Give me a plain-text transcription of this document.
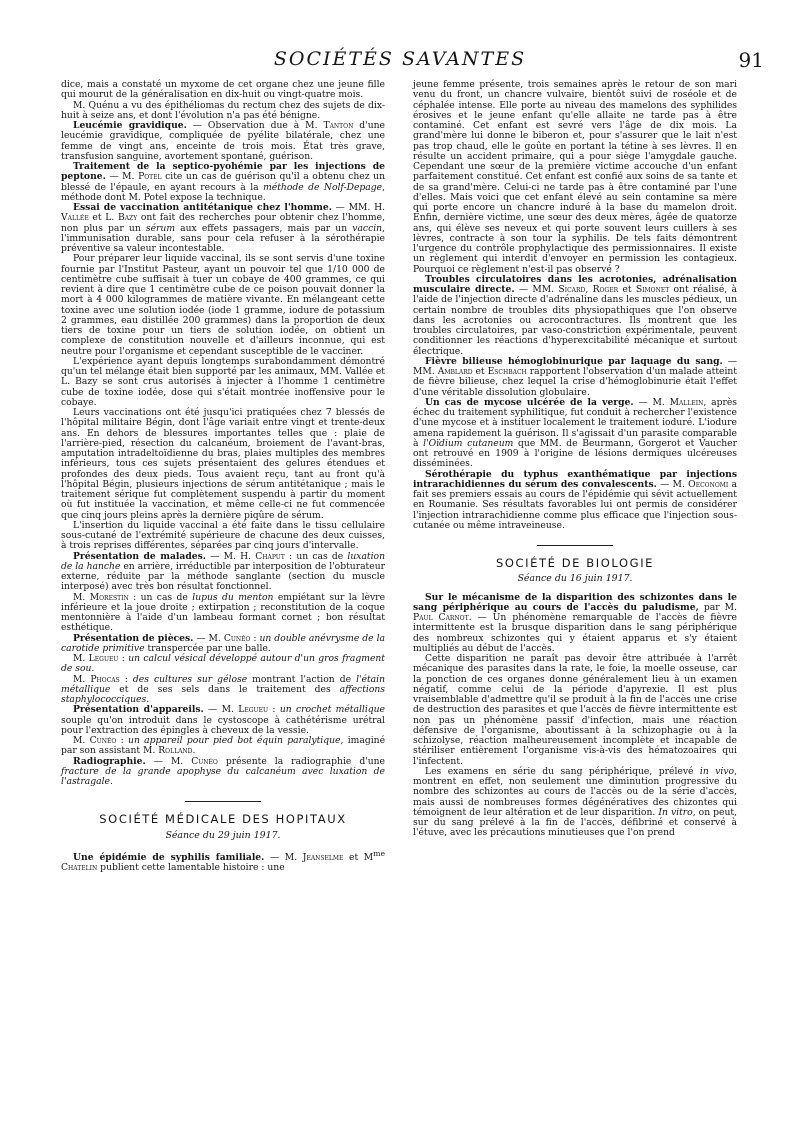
SOCIÉTÉS SAVANTES	91

dice, mais a constaté un myxome de cet organe chez une jeune fille qui mourut de la généralisation en dix-huit ou vingt-quatre mois.

M. Quénu a vu des épithéliomas du rectum chez des sujets de dix-huit à seize ans, et dont l'évolution n'a pas été bénigne.

Leucémie gravidique. — Observation due à M. Tanton d'une leucémie gravidique, compliquée de pyélite bilatérale, chez une femme de vingt ans, enceinte de trois mois. État très grave, transfusion sanguine, avortement spontané, guérison.

Traitement de la septico-pyohémie par les injections de peptone. — M. Potel cite un cas de guérison qu'il a obtenu chez un blessé de l'épaule, en ayant recours à la méthode de Nolf-Depage, méthode dont M. Potel expose la technique.

Essai de vaccination antitétanique chez l'homme. — MM. H. Vallée et L. Bazy ont fait des recherches pour obtenir chez l'homme, non plus par un sérum aux effets passagers, mais par un vaccin, l'immunisation durable, sans pour cela refuser à la sérothérapie préventive sa valeur incontestable.

Pour préparer leur liquide vaccinal, ils se sont servis d'une toxine fournie par l'Institut Pasteur, ayant un pouvoir tel que 1/10 000 de centimètre cube suffisait à tuer un cobaye de 400 grammes, ce qui revient à dire que 1 centimètre cube de ce poison pouvait donner la mort à 4 000 kilogrammes de matière vivante. En mélangeant cette toxine avec une solution iodée (iode 1 gramme, iodure de potassium 2 grammes, eau distillée 200 grammes) dans la proportion de deux tiers de toxine pour un tiers de solution iodée, on obtient un complexe de constitution nouvelle et d'ailleurs inconnue, qui est neutre pour l'organisme et cependant susceptible de le vacciner.

L'expérience ayant depuis longtemps surabondamment démontré qu'un tel mélange était bien supporté par les animaux, MM. Vallée et L. Bazy se sont crus autorisés à injecter à l'homme 1 centimètre cube de toxine iodée, dose qui s'était montrée inoffensive pour le cobaye.

Leurs vaccinations ont été jusqu'ici pratiquées chez 7 blessés de l'hôpital militaire Bégin, dont l'âge variait entre vingt et trente-deux ans. En dehors de blessures importantes telles que : plaie de l'arrière-pied, résection du calcanéum, broiement de l'avant-bras, amputation intradeltoïdienne du bras, plaies multiples des membres inférieurs, tous ces sujets présentaient des gelures étendues et profondes des deux pieds. Tous avaient reçu, tant au front qu'à l'hôpital Bégin, plusieurs injections de sérum antitétanique ; mais le traitement sérique fut complètement suspendu à partir du moment où fut instituée la vaccination, et même celle-ci ne fut commencée que cinq jours pleins après la dernière piqûre de sérum.

L'insertion du liquide vaccinal a été faite dans le tissu cellulaire sous-cutané de l'extrémité supérieure de chacune des deux cuisses, à trois reprises différentes, séparées par cinq jours d'intervalle.

Présentation de malades. — M. H. Chaput : un cas de luxation de la hanche en arrière, irréductible par interposition de l'obturateur externe, réduite par la méthode sanglante (section du muscle interposé) avec très bon résultat fonctionnel.

M. Morestin : un cas de lupus du menton empiétant sur la lèvre inférieure et la joue droite ; extirpation ; reconstitution de la coque mentonnière à l'aide d'un lambeau formant cornet ; bon résultat esthétique.

Présentation de pièces. — M. Cunéo : un double anévrysme de la carotide primitive transpercée par une balle.

M. Legueu : un calcul vésical développé autour d'un gros fragment de sou.

M. Phocas : des cultures sur gélose montrant l'action de l'étain métallique et de ses sels dans le traitement des affections staphylococciques.

Présentation d'appareils. — M. Legueu : un crochet métallique souple qu'on introduit dans le cystoscope à cathétérisme urétral pour l'extraction des épingles à cheveux de la vessie.

M. Cunéo : un appareil pour pied bot équin paralytique, imaginé par son assistant M. Rolland.

Radiographie. — M. Cunéo présente la radiographie d'une fracture de la grande apophyse du calcanéum avec luxation de l'astragale.

SOCIÉTÉ MÉDICALE DES HOPITAUX
Séance du 29 juin 1917.

Une épidémie de syphilis familiale. — M. Jeanselme et $M^{me}$ Chatelin publient cette lamentable histoire : une

jeune femme présente, trois semaines après le retour de son mari venu du front, un chancre vulvaire, bientôt suivi de roséole et de céphalée intense. Elle porte au niveau des mamelons des syphilides érosives et le jeune enfant qu'elle allaite ne tarde pas à être contaminé. Cet enfant est sevré vers l'âge de dix mois. La grand'mère lui donne le biberon et, pour s'assurer que le lait n'est pas trop chaud, elle le goûte en portant la tétine à ses lèvres. Il en résulte un accident primaire, qui a pour siège l'amygdale gauche. Cependant une sœur de la première victime accouche d'un enfant parfaitement constitué. Cet enfant est confié aux soins de sa tante et de sa grand'mère. Celui-ci ne tarde pas à être contaminé par l'une d'elles. Mais voici que cet enfant élevé au sein contamine sa mère qui porte encore un chancre induré à la base du mamelon droit. Enfin, dernière victime, une sœur des deux mères, âgée de quatorze ans, qui élève ses neveux et qui porte souvent leurs cuillers à ses lèvres, contracte à son tour la syphilis. De tels faits démontrent l'urgence du contrôle prophylactique des permissionnaires. Il existe un règlement qui interdit d'envoyer en permission les contagieux. Pourquoi ce règlement n'est-il pas observé ?

Troubles circulatoires dans les acrotonies, adrénalisation musculaire directe. — MM. Sicard, Roger et Simonet ont réalisé, à l'aide de l'injection directe d'adrénaline dans les muscles pédieux, un certain nombre de troubles dits physiopathiques que l'on observe dans les acrotonies ou acrocontractures. Ils montrent que les troubles circulatoires, par vaso-constriction expérimentale, peuvent conditionner les réactions d'hyperexcitabilité mécanique et surtout électrique.

Fièvre bilieuse hémoglobinurique par laquage du sang. — MM. Amblard et Eschbach rapportent l'observation d'un malade atteint de fièvre bilieuse, chez lequel la crise d'hémoglobinurie était l'effet d'une véritable dissolution globulaire.

Un cas de mycose ulcérée de la verge. — M. Mallein, après échec du traitement syphilitique, fut conduit à rechercher l'existence d'une mycose et à instituer localement le traitement ioduré. L'iodure amena rapidement la guérison. Il s'agissait d'un parasite comparable à l'Oïdium cutaneum que MM. de Beurmann, Gorgerot et Vaucher ont retrouvé en 1909 à l'origine de lésions dermiques ulcéreuses disséminées.

Sérothérapie du typhus exanthématique par injections intrarachidiennes du sérum des convalescents. — M. Oeconomi a fait ses premiers essais au cours de l'épidémie qui sévit actuellement en Roumanie. Ses résultats favorables lui ont permis de considérer l'injection intrarachidienne comme plus efficace que l'injection sous-cutanée ou même intraveineuse.

SOCIÉTÉ DE BIOLOGIE
Séance du 16 juin 1917.

Sur le mécanisme de la disparition des schizontes dans le sang périphérique au cours de l'accès du paludisme, par M. Paul Carnot. — Un phénomène remarquable de l'accès de fièvre intermittente est la brusque disparition dans le sang périphérique des nombreux schizontes qui y étaient apparus et s'y étaient multipliés au début de l'accès.

Cette disparition ne paraît pas devoir être attribuée à l'arrêt mécanique des parasites dans la rate, le foie, la moelle osseuse, car la ponction de ces organes donne généralement lieu à un examen négatif, comme celui de la période d'apyrexie. Il est plus vraisemblable d'admettre qu'il se produit à la fin de l'accès une crise de destruction des parasites et que l'accès de fièvre intermittente est non pas un phénomène passif d'infection, mais une réaction défensive de l'organisme, aboutissant à la schizophagie ou à la schizolyse, réaction malheureusement incomplète et incapable de stériliser entièrement l'organisme vis-à-vis des hématozoaires qui l'infectent.

Les examens en série du sang périphérique, prélevé in vivo, montrent en effet, non seulement une diminution progressive du nombre des schizontes au cours de l'accès ou de la série d'accès, mais aussi de nombreuses formes dégénératives des chizontes qui témoignent de leur altération et de leur disparition. In vitro, on peut, sur du sang prélevé à la fin de l'accès, défibriné et conservé à l'étuve, avec les précautions minutieuses que l'on prend
